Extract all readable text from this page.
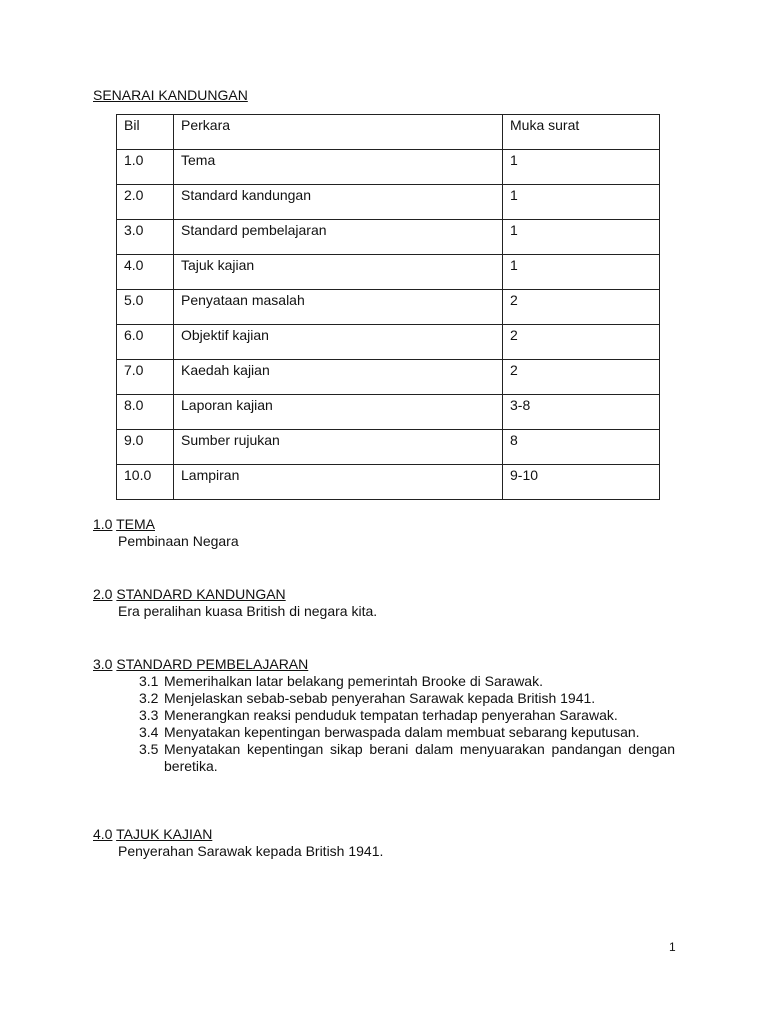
SENARAI KANDUNGAN
Bil	Perkara	Muka surat
1.0	Tema	1
2.0	Standard kandungan	1
3.0	Standard pembelajaran	1
4.0	Tajuk kajian	1
5.0	Penyataan masalah	2
6.0	Objektif kajian	2
7.0	Kaedah kajian	2
8.0	Laporan kajian	3-8
9.0	Sumber rujukan	8
10.0	Lampiran	9-10
1.0 TEMA
Pembinaan Negara
2.0 STANDARD KANDUNGAN
Era peralihan kuasa British di negara kita.
3.0 STANDARD PEMBELAJARAN
3.1 Memerihalkan latar belakang pemerintah Brooke di Sarawak.
3.2 Menjelaskan sebab-sebab penyerahan Sarawak kepada British 1941.
3.3 Menerangkan reaksi penduduk tempatan terhadap penyerahan Sarawak.
3.4 Menyatakan kepentingan berwaspada dalam membuat sebarang keputusan.
3.5 Menyatakan kepentingan sikap berani dalam menyuarakan pandangan dengan beretika.
4.0 TAJUK KAJIAN
Penyerahan Sarawak kepada British 1941.
1
